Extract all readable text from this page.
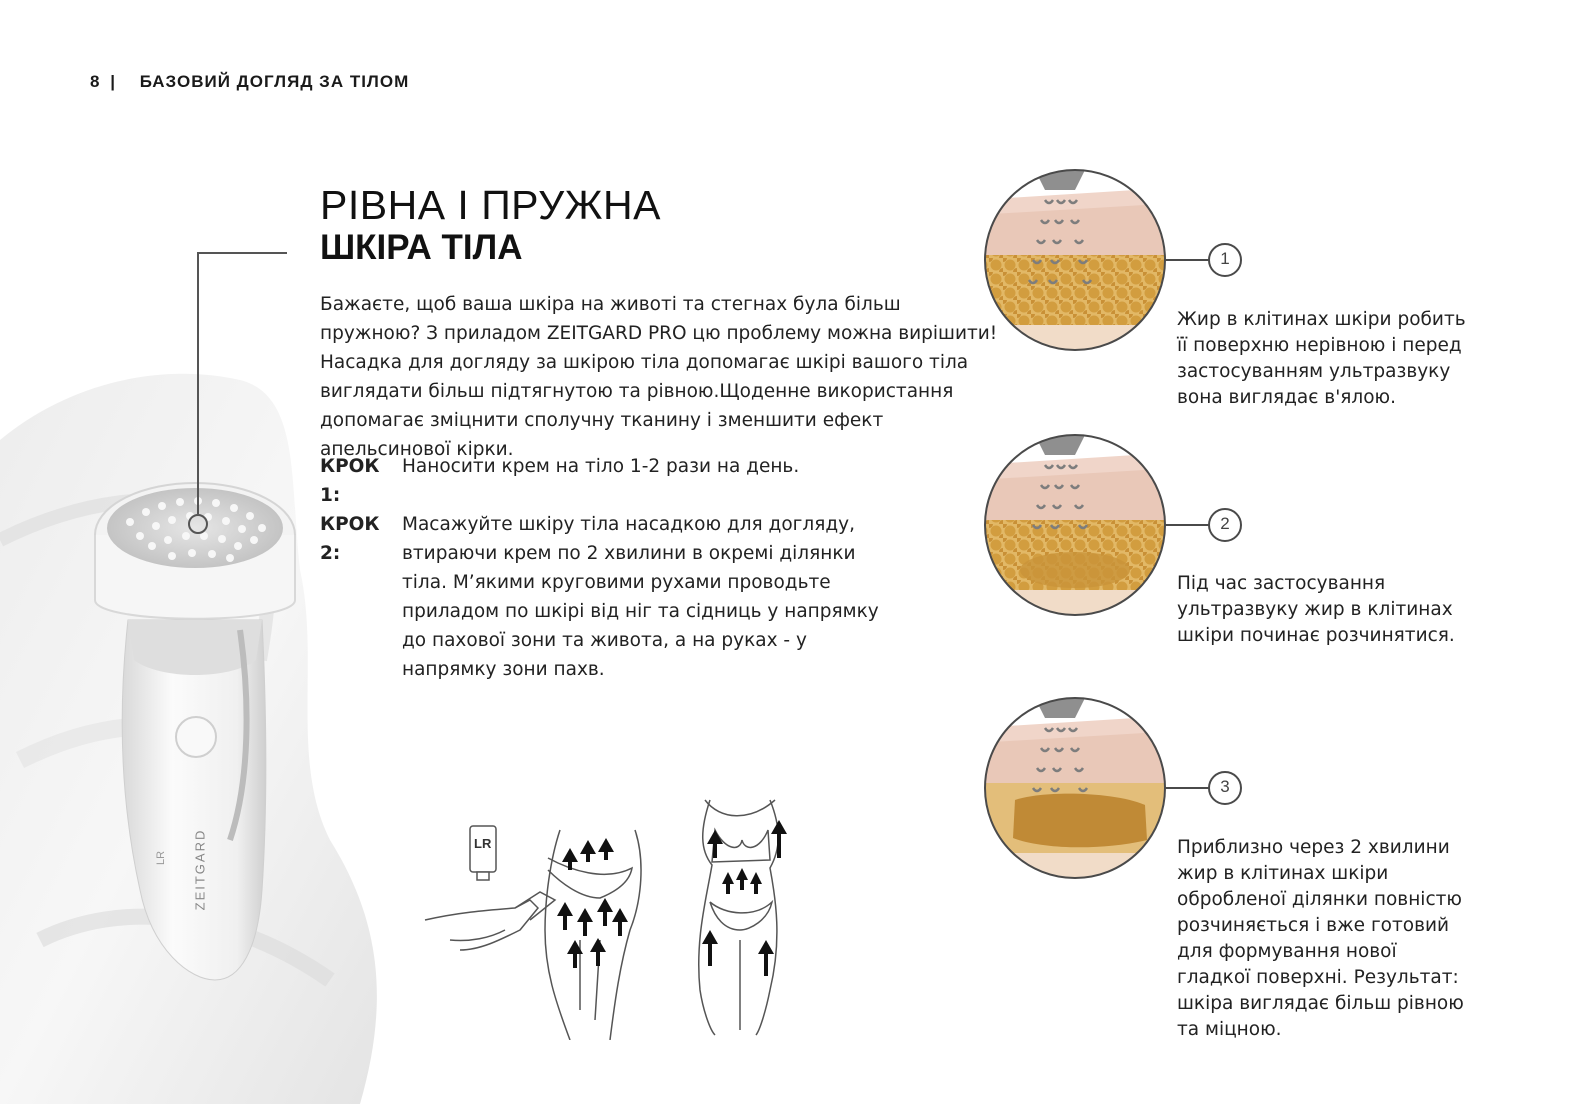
ZEITGARD
LR
8 | БАЗОВИЙ ДОГЛЯД ЗА ТІЛОМ
РІВНА І ПРУЖНА
ШКІРА ТІЛА

Бажаєте, щоб ваша шкіра на животі та стегнах була більш пружною? З приладом ZEITGARD PRO цю проблему можна вирішити! Насадка для догляду за шкірою тіла допомагає шкірі вашого тіла виглядати більш підтягнутою та рівною.Щоденне використання допомагає зміцнити сполучну тканину і зменшити ефект апельсинової кірки.

КРОК 1:Наносити крем на тіло 1-2 рази на день.
КРОК 2:Масажуйте шкіру тіла насадкою для догляду, втираючи крем по 2 хвилини в окремі ділянки тіла. М’якими круговими рухами проводьте приладом по шкірі від ніг та сідниць у напрямку до пахової зони та живота, а на руках - у напрямку зони пахв.
LR
1
2
3

Жир в клітинах шкіри робить її поверхню нерівною і перед застосуванням ультразвуку вона виглядає в'ялою.

Під час застосування ультразвуку жир в клітинах шкіри починає розчинятися.

Приблизно через 2 хвилини жир в клітинах шкіри обробленої ділянки повністю розчиняється і вже готовий для формування нової гладкої поверхні. Результат: шкіра виглядає більш рівною та міцною.
